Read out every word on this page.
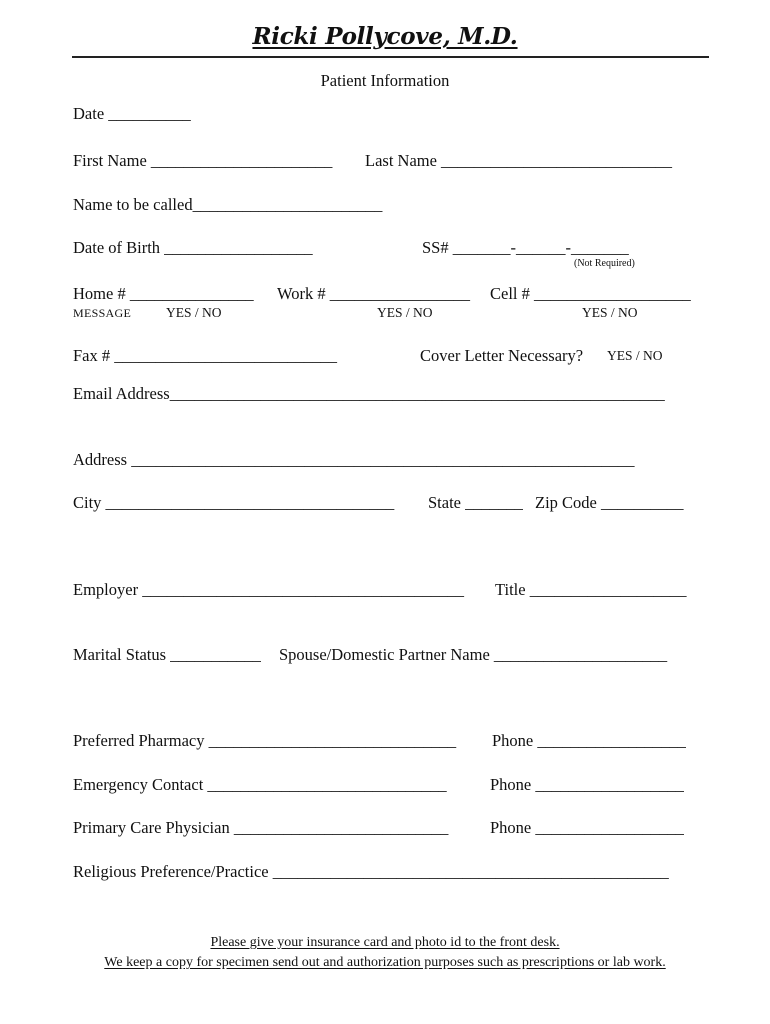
Ricki Pollycove, M.D.
Patient Information
Date __________
First Name ______________________ Last Name ____________________________
Name to be called_______________________
Date of Birth __________________	SS# _______-______-_______
(Not Required)
Home # _______________ Work # _________________ Cell # ___________________
MESSAGE	YES / NO	YES / NO	YES / NO
Fax # ___________________________	Cover Letter Necessary? YES / NO
Email Address____________________________________________________________
Address _____________________________________________________________
City ___________________________________ State _______ Zip Code __________
Employer _______________________________________ Title ___________________
Marital Status ___________ Spouse/Domestic Partner Name _____________________
Preferred Pharmacy ______________________________ Phone __________________
Emergency Contact _____________________________	Phone __________________
Primary Care Physician __________________________	Phone __________________
Religious Preference/Practice ________________________________________________
Please give your insurance card and photo id to the front desk.
We keep a copy for specimen send out and authorization purposes such as prescriptions or lab work.
